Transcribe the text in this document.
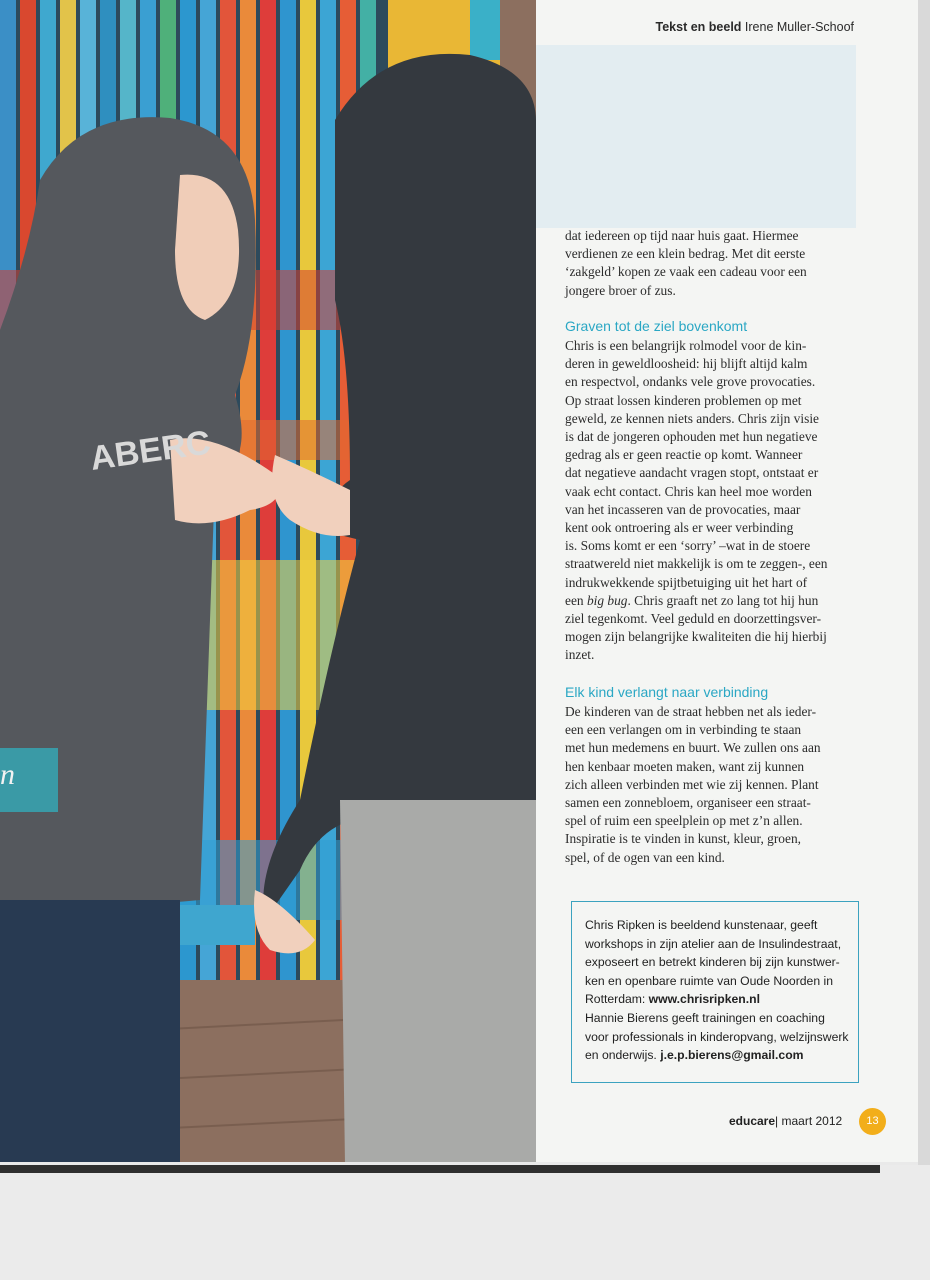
ABERC
n
Tekst en beeld Irene Muller-Schoof
dat iedereen op tijd naar huis gaat. Hiermee
verdienen ze een klein bedrag. Met dit eerste
‘zakgeld’ kopen ze vaak een cadeau voor een
jongere broer of zus.
Graven tot de ziel bovenkomt
Chris is een belangrijk rolmodel voor de kin-
deren in geweldloosheid: hij blijft altijd kalm
en respectvol, ondanks vele grove provocaties.
Op straat lossen kinderen problemen op met
geweld, ze kennen niets anders. Chris zijn visie
is dat de jongeren ophouden met hun negatieve
gedrag als er geen reactie op komt. Wanneer
dat negatieve aandacht vragen stopt, ontstaat er
vaak echt contact. Chris kan heel moe worden
van het incasseren van de provocaties, maar
kent ook ontroering als er weer verbinding
is. Soms komt er een ‘sorry’ –wat in de stoere
straatwereld niet makkelijk is om te zeggen-, een
indrukwekkende spijtbetuiging uit het hart of
een big bug. Chris graaft net zo lang tot hij hun
ziel tegenkomt. Veel geduld en doorzettingsver-
mogen zijn belangrijke kwaliteiten die hij hierbij
inzet.
Elk kind verlangt naar verbinding
De kinderen van de straat hebben net als ieder-
een een verlangen om in verbinding te staan
met hun medemens en buurt. We zullen ons aan
hen kenbaar moeten maken, want zij kunnen
zich alleen verbinden met wie zij kennen. Plant
samen een zonnebloem, organiseer een straat-
spel of ruim een speelplein op met z’n allen.
Inspiratie is te vinden in kunst, kleur, groen,
spel, of de ogen van een kind.
Chris Ripken is beeldend kunstenaar, geeft
workshops in zijn atelier aan de Insulindestraat,
exposeert en betrekt kinderen bij zijn kunstwer-
ken en openbare ruimte van Oude Noorden in
Rotterdam: www.chrisripken.nl
Hannie Bierens geeft trainingen en coaching
voor professionals in kinderopvang, welzijnswerk
en onderwijs. j.e.p.bierens@gmail.com
educare| maart 2012	13
